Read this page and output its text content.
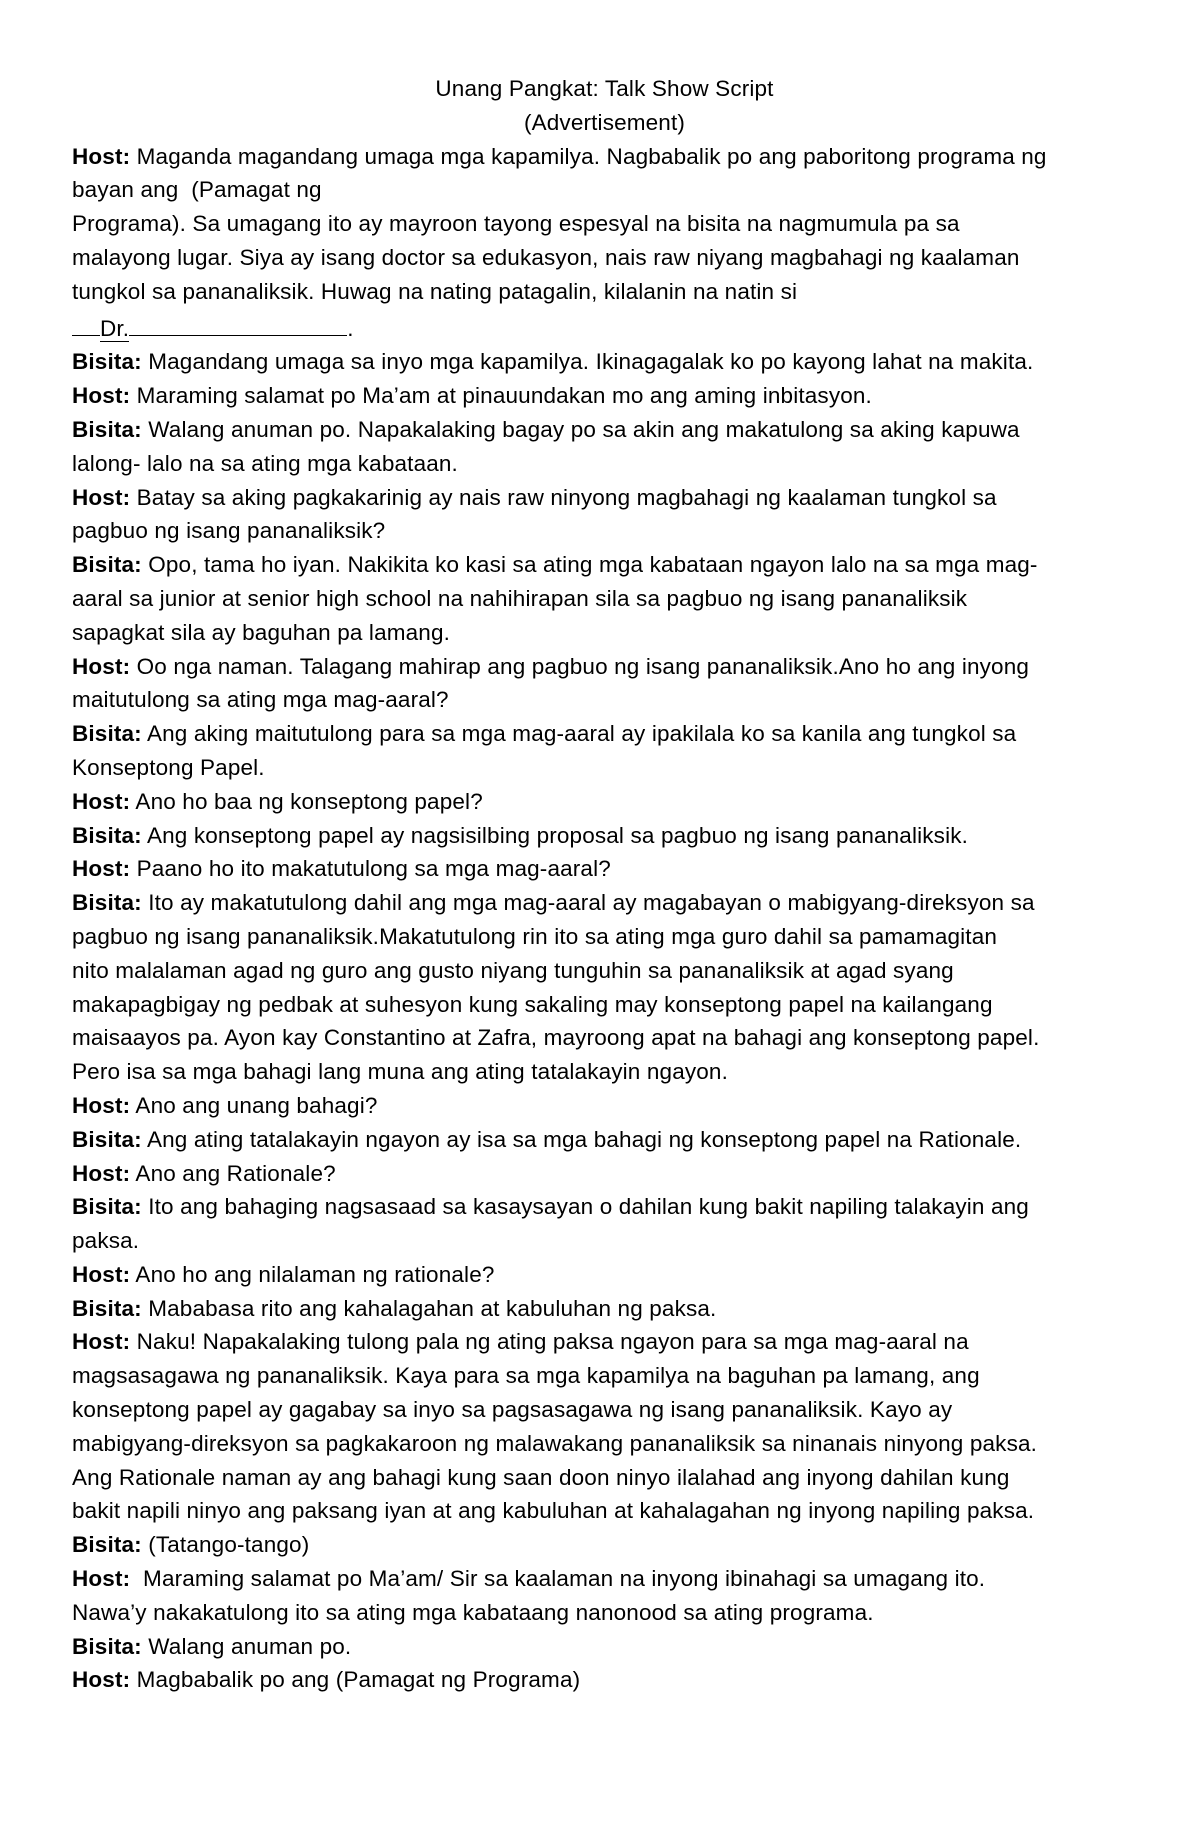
Unang Pangkat: Talk Show Script
(Advertisement)
Host: Maganda magandang umaga mga kapamilya. Nagbabalik po ang paboritong programa ng
bayan ang  (Pamagat ng
Programa). Sa umagang ito ay mayroon tayong espesyal na bisita na nagmumula pa sa
malayong lugar. Siya ay isang doctor sa edukasyon, nais raw niyang magbahagi ng kaalaman
tungkol sa pananaliksik. Huwag na nating patagalin, kilalanin na natin si
Dr.	.
Bisita: Magandang umaga sa inyo mga kapamilya. Ikinagagalak ko po kayong lahat na makita.
Host: Maraming salamat po Ma’am at pinauundakan mo ang aming inbitasyon.
Bisita: Walang anuman po. Napakalaking bagay po sa akin ang makatulong sa aking kapuwa
lalong- lalo na sa ating mga kabataan.
Host: Batay sa aking pagkakarinig ay nais raw ninyong magbahagi ng kaalaman tungkol sa
pagbuo ng isang pananaliksik?
Bisita: Opo, tama ho iyan. Nakikita ko kasi sa ating mga kabataan ngayon lalo na sa mga mag-
aaral sa junior at senior high school na nahihirapan sila sa pagbuo ng isang pananaliksik
sapagkat sila ay baguhan pa lamang.
Host: Oo nga naman. Talagang mahirap ang pagbuo ng isang pananaliksik.Ano ho ang inyong
maitutulong sa ating mga mag-aaral?
Bisita: Ang aking maitutulong para sa mga mag-aaral ay ipakilala ko sa kanila ang tungkol sa
Konseptong Papel.
Host: Ano ho baa ng konseptong papel?
Bisita: Ang konseptong papel ay nagsisilbing proposal sa pagbuo ng isang pananaliksik.
Host: Paano ho ito makatutulong sa mga mag-aaral?
Bisita: Ito ay makatutulong dahil ang mga mag-aaral ay magabayan o mabigyang-direksyon sa
pagbuo ng isang pananaliksik.Makatutulong rin ito sa ating mga guro dahil sa pamamagitan
nito malalaman agad ng guro ang gusto niyang tunguhin sa pananaliksik at agad syang
makapagbigay ng pedbak at suhesyon kung sakaling may konseptong papel na kailangang
maisaayos pa. Ayon kay Constantino at Zafra, mayroong apat na bahagi ang konseptong papel.
Pero isa sa mga bahagi lang muna ang ating tatalakayin ngayon.
Host: Ano ang unang bahagi?
Bisita: Ang ating tatalakayin ngayon ay isa sa mga bahagi ng konseptong papel na Rationale.
Host: Ano ang Rationale?
Bisita: Ito ang bahaging nagsasaad sa kasaysayan o dahilan kung bakit napiling talakayin ang
paksa.
Host: Ano ho ang nilalaman ng rationale?
Bisita: Mababasa rito ang kahalagahan at kabuluhan ng paksa.
Host: Naku! Napakalaking tulong pala ng ating paksa ngayon para sa mga mag-aaral na
magsasagawa ng pananaliksik. Kaya para sa mga kapamilya na baguhan pa lamang, ang
konseptong papel ay gagabay sa inyo sa pagsasagawa ng isang pananaliksik. Kayo ay
mabigyang-direksyon sa pagkakaroon ng malawakang pananaliksik sa ninanais ninyong paksa.
Ang Rationale naman ay ang bahagi kung saan doon ninyo ilalahad ang inyong dahilan kung
bakit napili ninyo ang paksang iyan at ang kabuluhan at kahalagahan ng inyong napiling paksa.
Bisita: (Tatango-tango)
Host:  Maraming salamat po Ma’am/ Sir sa kaalaman na inyong ibinahagi sa umagang ito.
Nawa’y nakakatulong ito sa ating mga kabataang nanonood sa ating programa.
Bisita: Walang anuman po.
Host: Magbabalik po ang (Pamagat ng Programa)
